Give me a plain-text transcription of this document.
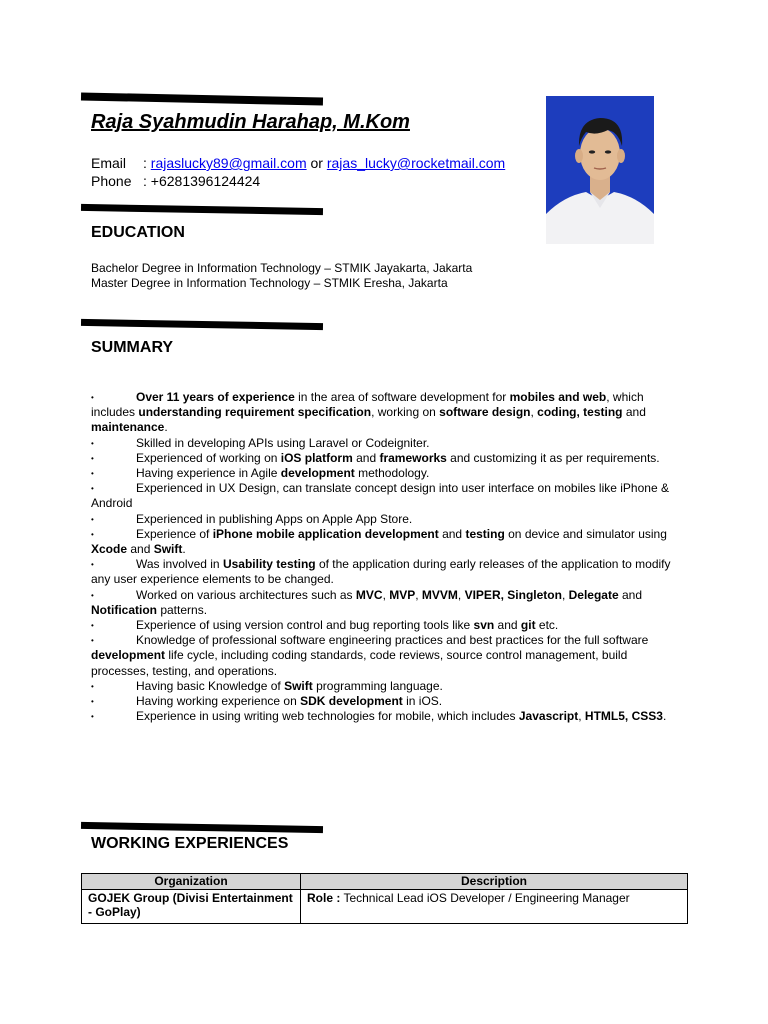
Raja Syahmudin Harahap, M.Kom
Email : rajaslucky89@gmail.com or rajas_lucky@rocketmail.com
Phone : +6281396124424
EDUCATION
Bachelor Degree in Information Technology – STMIK Jayakarta, Jakarta
Master Degree in Information Technology – STMIK Eresha, Jakarta
SUMMARY
•	Over 11 years of experience in the area of software development for mobiles and web, which includes understanding requirement specification, working on software design, coding, testing and maintenance.
•	Skilled in developing APIs using Laravel or Codeigniter.
•	Experienced of working on iOS platform and frameworks and customizing it as per requirements.
•	Having experience in Agile development methodology.
•	Experienced in UX Design, can translate concept design into user interface on mobiles like iPhone & Android
•	Experienced in publishing Apps on Apple App Store.
•	Experience of iPhone mobile application development and testing on device and simulator using Xcode and Swift.
•	Was involved in Usability testing of the application during early releases of the application to modify any user experience elements to be changed.
•	Worked on various architectures such as MVC, MVP, MVVM, VIPER, Singleton, Delegate and Notification patterns.
•	Experience of using version control and bug reporting tools like svn and git etc.
•	Knowledge of professional software engineering practices and best practices for the full software development life cycle, including coding standards, code reviews, source control management, build processes, testing, and operations.
•	Having basic Knowledge of Swift programming language.
•	Having working experience on SDK development in iOS.
•	Experience in using writing web technologies for mobile, which includes Javascript, HTML5, CSS3.
WORKING EXPERIENCES
Organization	Description
GOJEK Group (Divisi Entertainment - GoPlay)	Role : Technical Lead iOS Developer / Engineering Manager
